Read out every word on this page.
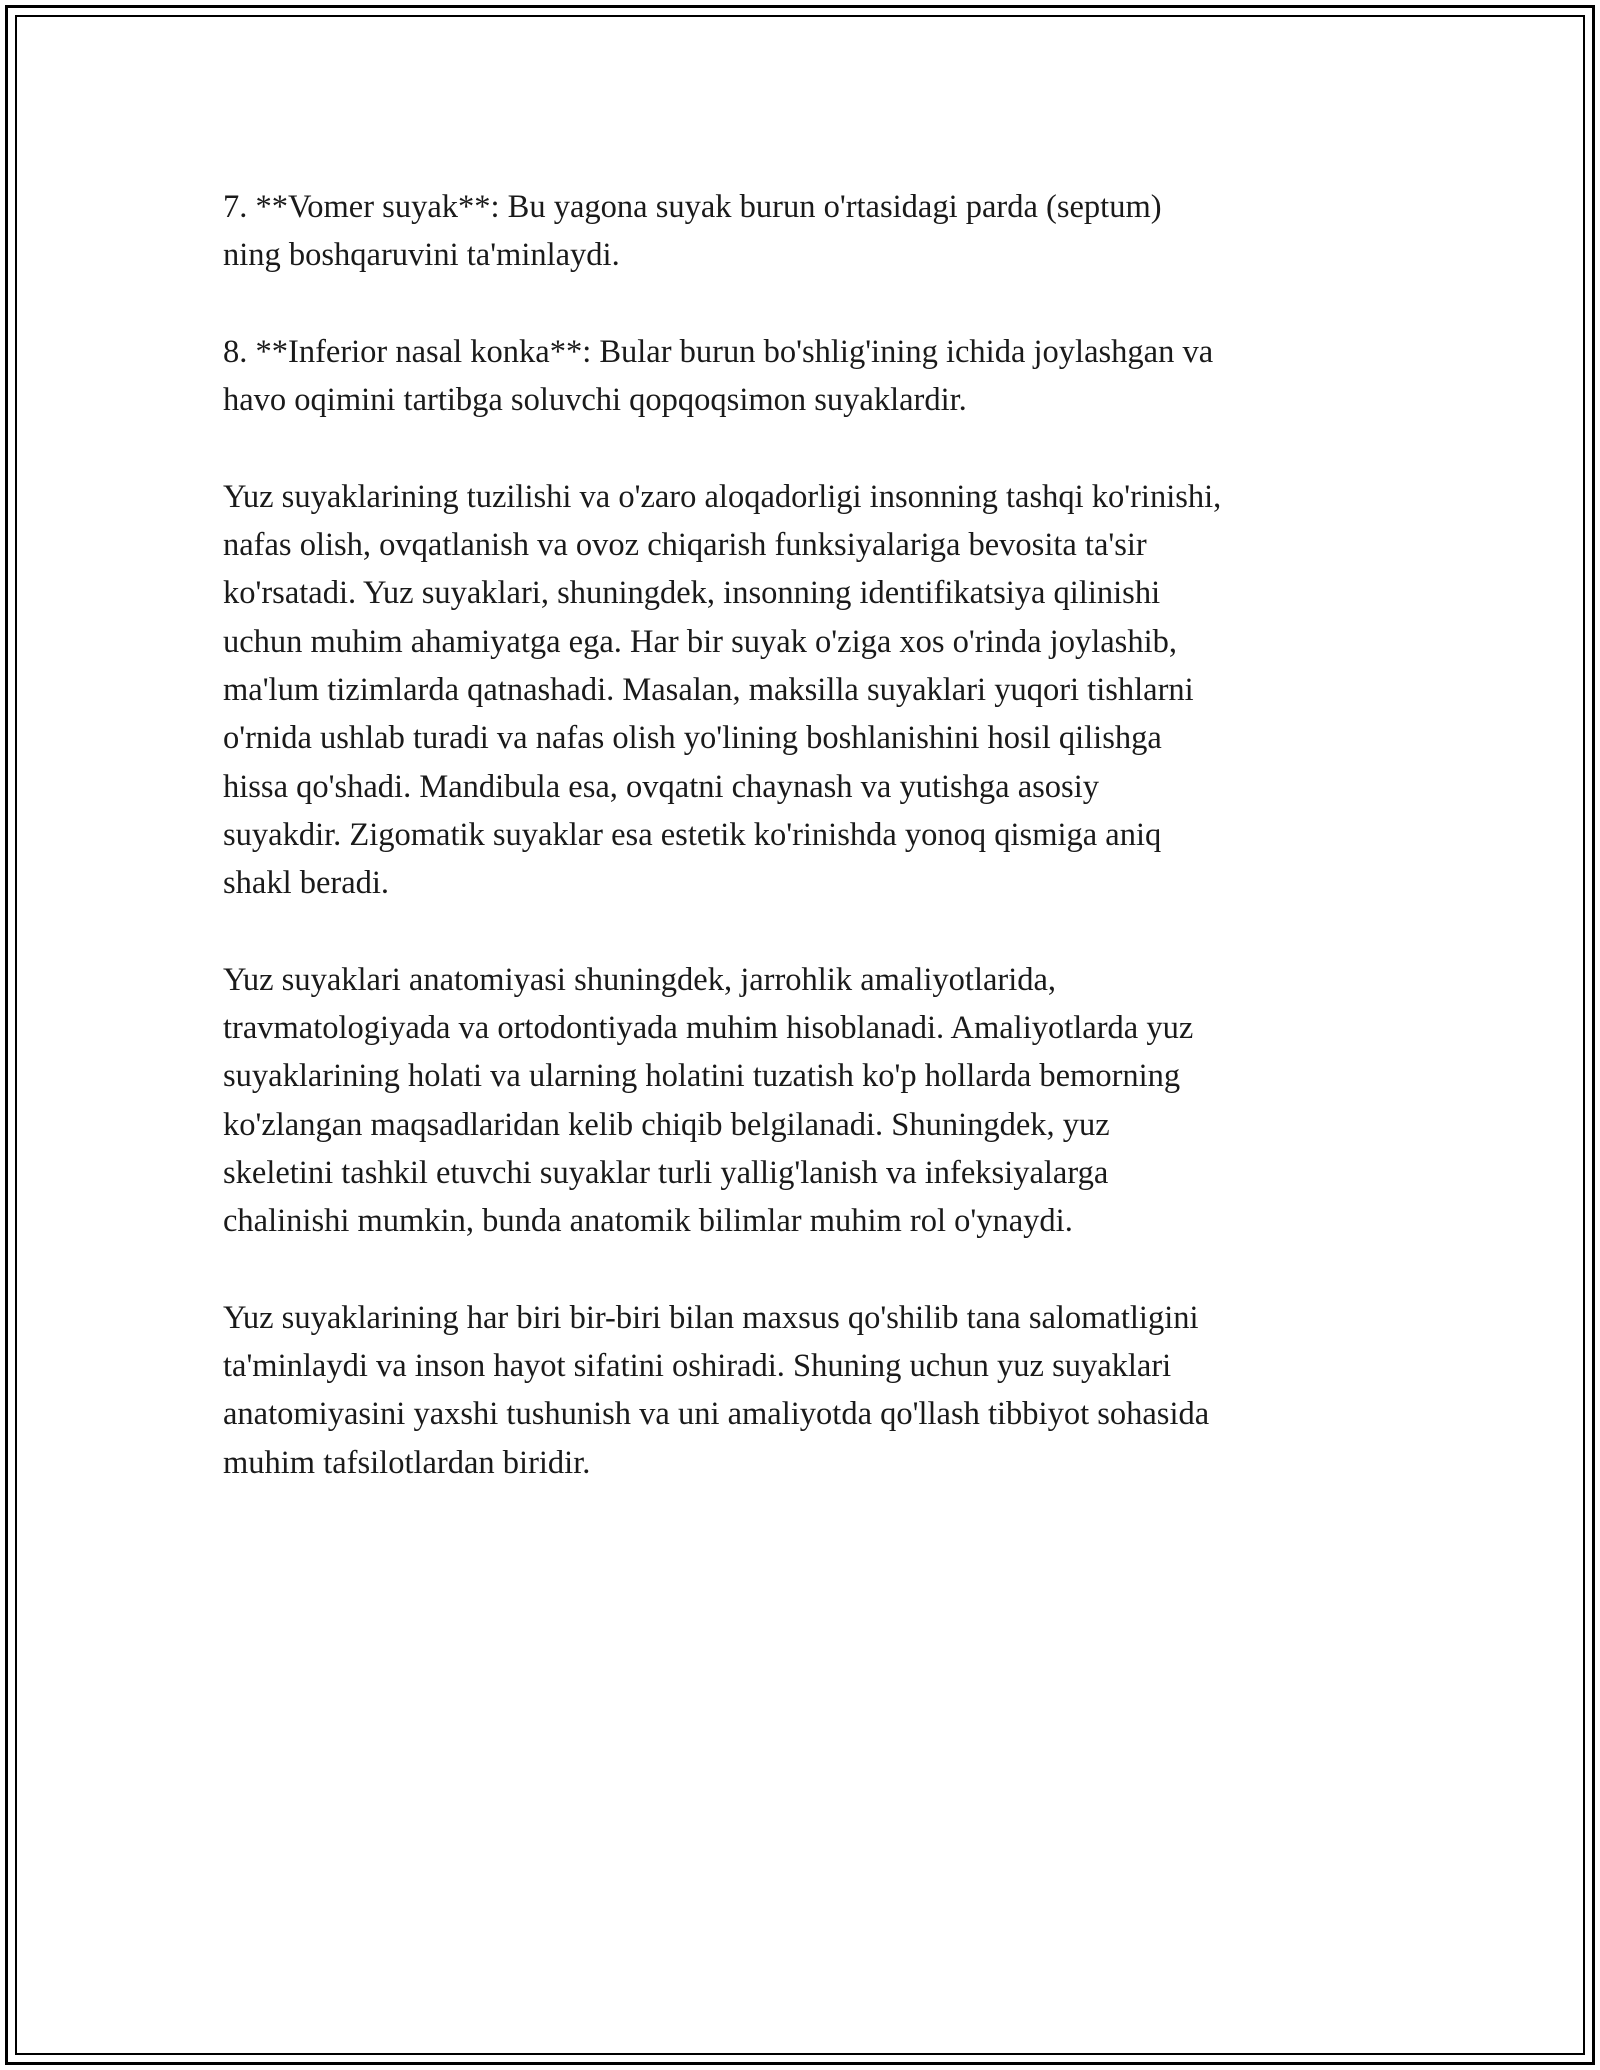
7. **Vomer suyak**: Bu yagona suyak burun o'rtasidagi parda (septum)
ning boshqaruvini ta'minlaydi.

8. **Inferior nasal konka**: Bular burun bo'shlig'ining ichida joylashgan va
havo oqimini tartibga soluvchi qopqoqsimon suyaklardir.

Yuz suyaklarining tuzilishi va o'zaro aloqadorligi insonning tashqi ko'rinishi,
nafas olish, ovqatlanish va ovoz chiqarish funksiyalariga bevosita ta'sir
ko'rsatadi. Yuz suyaklari, shuningdek, insonning identifikatsiya qilinishi
uchun muhim ahamiyatga ega. Har bir suyak o'ziga xos o'rinda joylashib,
ma'lum tizimlarda qatnashadi. Masalan, maksilla suyaklari yuqori tishlarni
o'rnida ushlab turadi va nafas olish yo'lining boshlanishini hosil qilishga
hissa qo'shadi. Mandibula esa, ovqatni chaynash va yutishga asosiy
suyakdir. Zigomatik suyaklar esa estetik ko'rinishda yonoq qismiga aniq
shakl beradi.

Yuz suyaklari anatomiyasi shuningdek, jarrohlik amaliyotlarida,
travmatologiyada va ortodontiyada muhim hisoblanadi. Amaliyotlarda yuz
suyaklarining holati va ularning holatini tuzatish ko'p hollarda bemorning
ko'zlangan maqsadlaridan kelib chiqib belgilanadi. Shuningdek, yuz
skeletini tashkil etuvchi suyaklar turli yallig'lanish va infeksiyalarga
chalinishi mumkin, bunda anatomik bilimlar muhim rol o'ynaydi.

Yuz suyaklarining har biri bir-biri bilan maxsus qo'shilib tana salomatligini
ta'minlaydi va inson hayot sifatini oshiradi. Shuning uchun yuz suyaklari
anatomiyasini yaxshi tushunish va uni amaliyotda qo'llash tibbiyot sohasida
muhim tafsilotlardan biridir.
